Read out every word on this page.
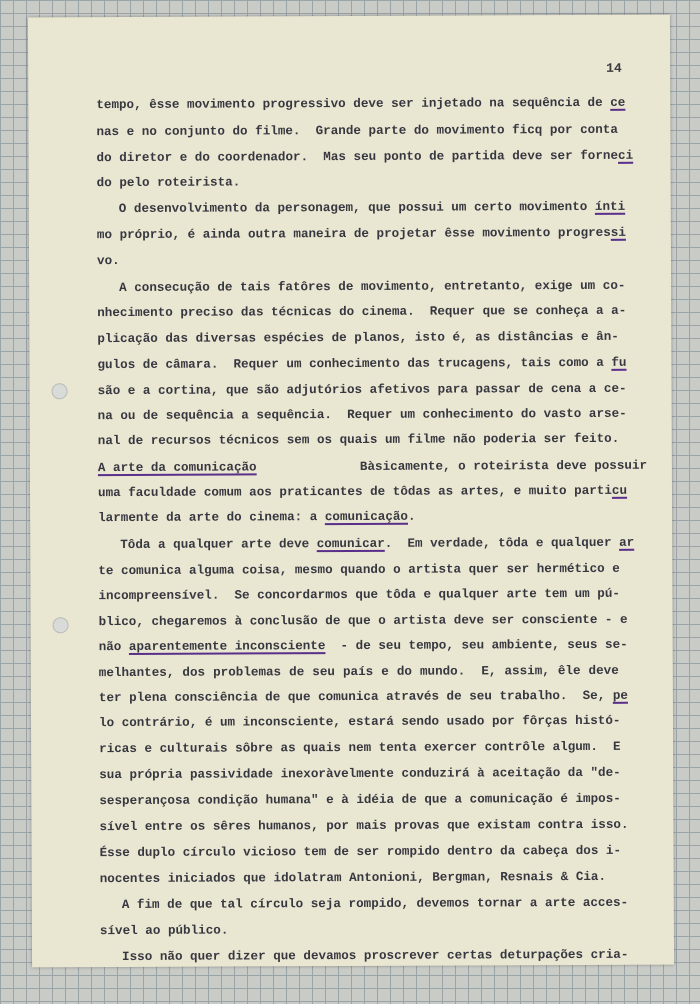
14
tempo, êsse movimento progressivo deve ser injetado na sequência de ce
nas e no conjunto do filme.  Grande parte do movimento ficq por conta
do diretor e do coordenador.  Mas seu ponto de partida deve ser forneci
do pelo roteirista.
O desenvolvimento da personagem, que possui um certo movimento ínti
mo próprio, é ainda outra maneira de projetar êsse movimento progressi
vo.
A consecução de tais fatôres de movimento, entretanto, exige um co-
nhecimento preciso das técnicas do cinema.  Requer que se conheça a a-
plicação das diversas espécies de planos, isto é, as distâncias e ân-
gulos de câmara.  Requer um conhecimento das trucagens, tais como a fu
são e a cortina, que são adjutórios afetivos para passar de cena a ce-
na ou de sequência a sequência.  Requer um conhecimento do vasto arse-
nal de recursos técnicos sem os quais um filme não poderia ser feito.
A arte da comunicação	Bàsicamente, o roteirista deve possuir
uma faculdade comum aos praticantes de tôdas as artes, e muito particu
larmente da arte do cinema: a comunicação.
Tôda a qualquer arte deve comunicar.  Em verdade, tôda e qualquer ar
te comunica alguma coisa, mesmo quando o artista quer ser hermético e
incompreensível.  Se concordarmos que tôda e qualquer arte tem um pú-
blico, chegaremos à conclusão de que o artista deve ser consciente - e
não aparentemente inconsciente  - de seu tempo, seu ambiente, seus se-
melhantes, dos problemas de seu país e do mundo.  E, assim, êle deve
ter plena consciência de que comunica através de seu trabalho.  Se, pe
lo contrário, é um inconsciente, estará sendo usado por fôrças histó-
ricas e culturais sôbre as quais nem tenta exercer contrôle algum.  E
sua própria passividade inexoràvelmente conduzirá à aceitação da "de-
sesperançosa condição humana" e à idéia de que a comunicação é impos-
sível entre os sêres humanos, por mais provas que existam contra isso.
Ésse duplo círculo vicioso tem de ser rompido dentro da cabeça dos i-
nocentes iniciados que idolatram Antonioni, Bergman, Resnais & Cia.
A fim de que tal círculo seja rompido, devemos tornar a arte acces-
sível ao público.
Isso não quer dizer que devamos proscrever certas deturpações cria-
